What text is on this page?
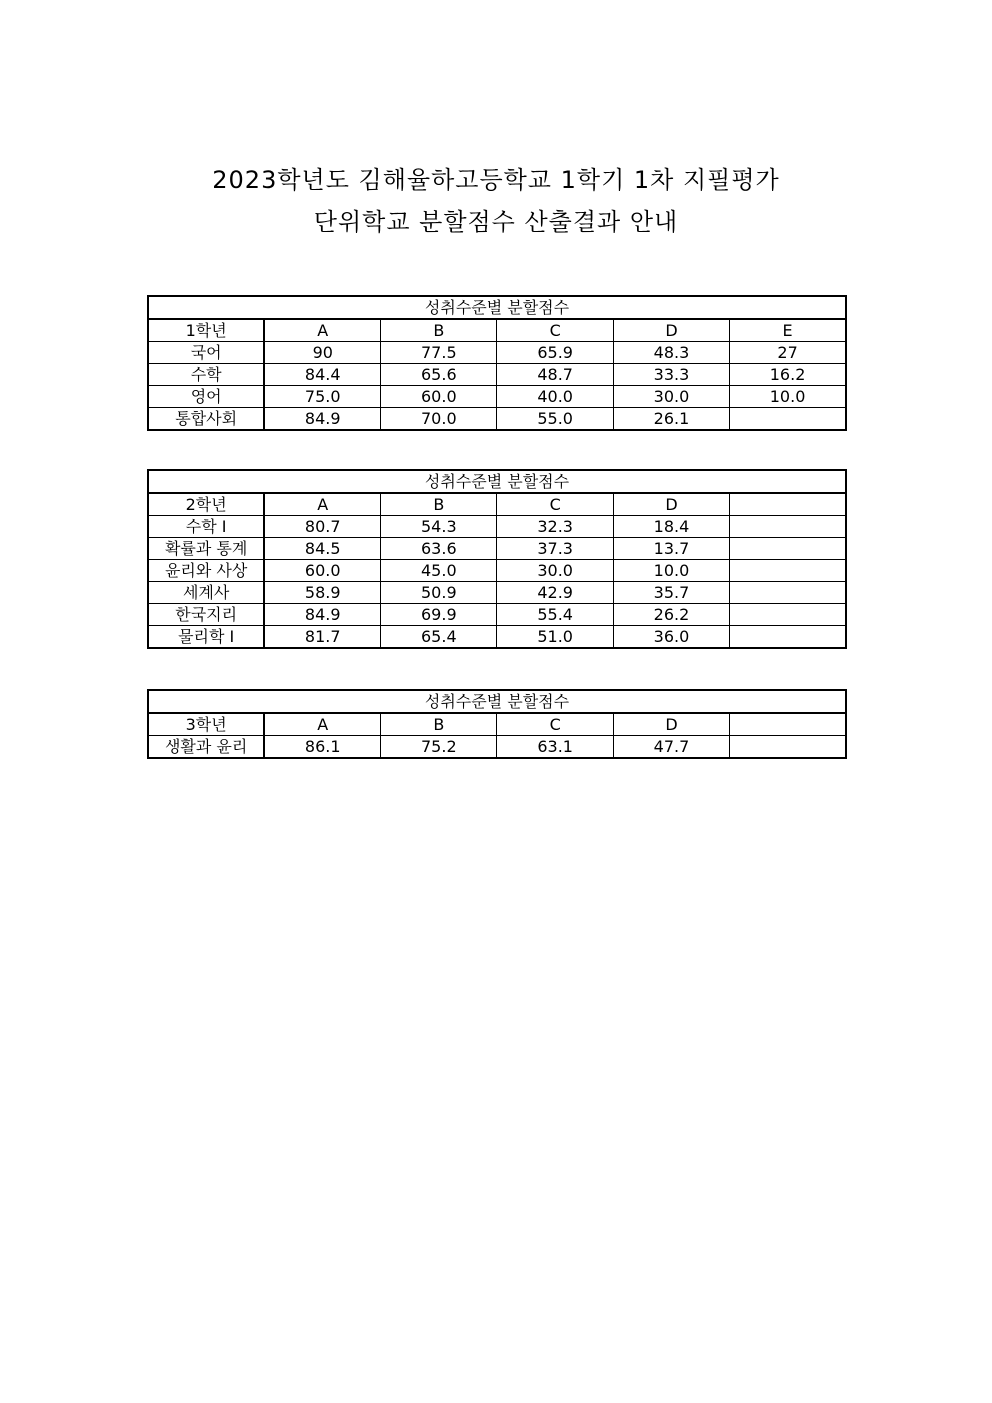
2023학년도 김해율하고등학교 1학기 1차 지필평가
단위학교 분할점수 산출결과 안내
성취수준별 분할점수					
1학년	A	B	C	D	E
국어	90	77.5	65.9	48.3	27
수학	84.4	65.6	48.7	33.3	16.2
영어	75.0	60.0	40.0	30.0	10.0
통합사회	84.9	70.0	55.0	26.1	
성취수준별 분할점수					
2학년	A	B	C	D	
수학 I	80.7	54.3	32.3	18.4	
확률과 통계	84.5	63.6	37.3	13.7	
윤리와 사상	60.0	45.0	30.0	10.0	
세계사	58.9	50.9	42.9	35.7	
한국지리	84.9	69.9	55.4	26.2	
물리학 I	81.7	65.4	51.0	36.0	
성취수준별 분할점수					
3학년	A	B	C	D	
생활과 윤리	86.1	75.2	63.1	47.7	
